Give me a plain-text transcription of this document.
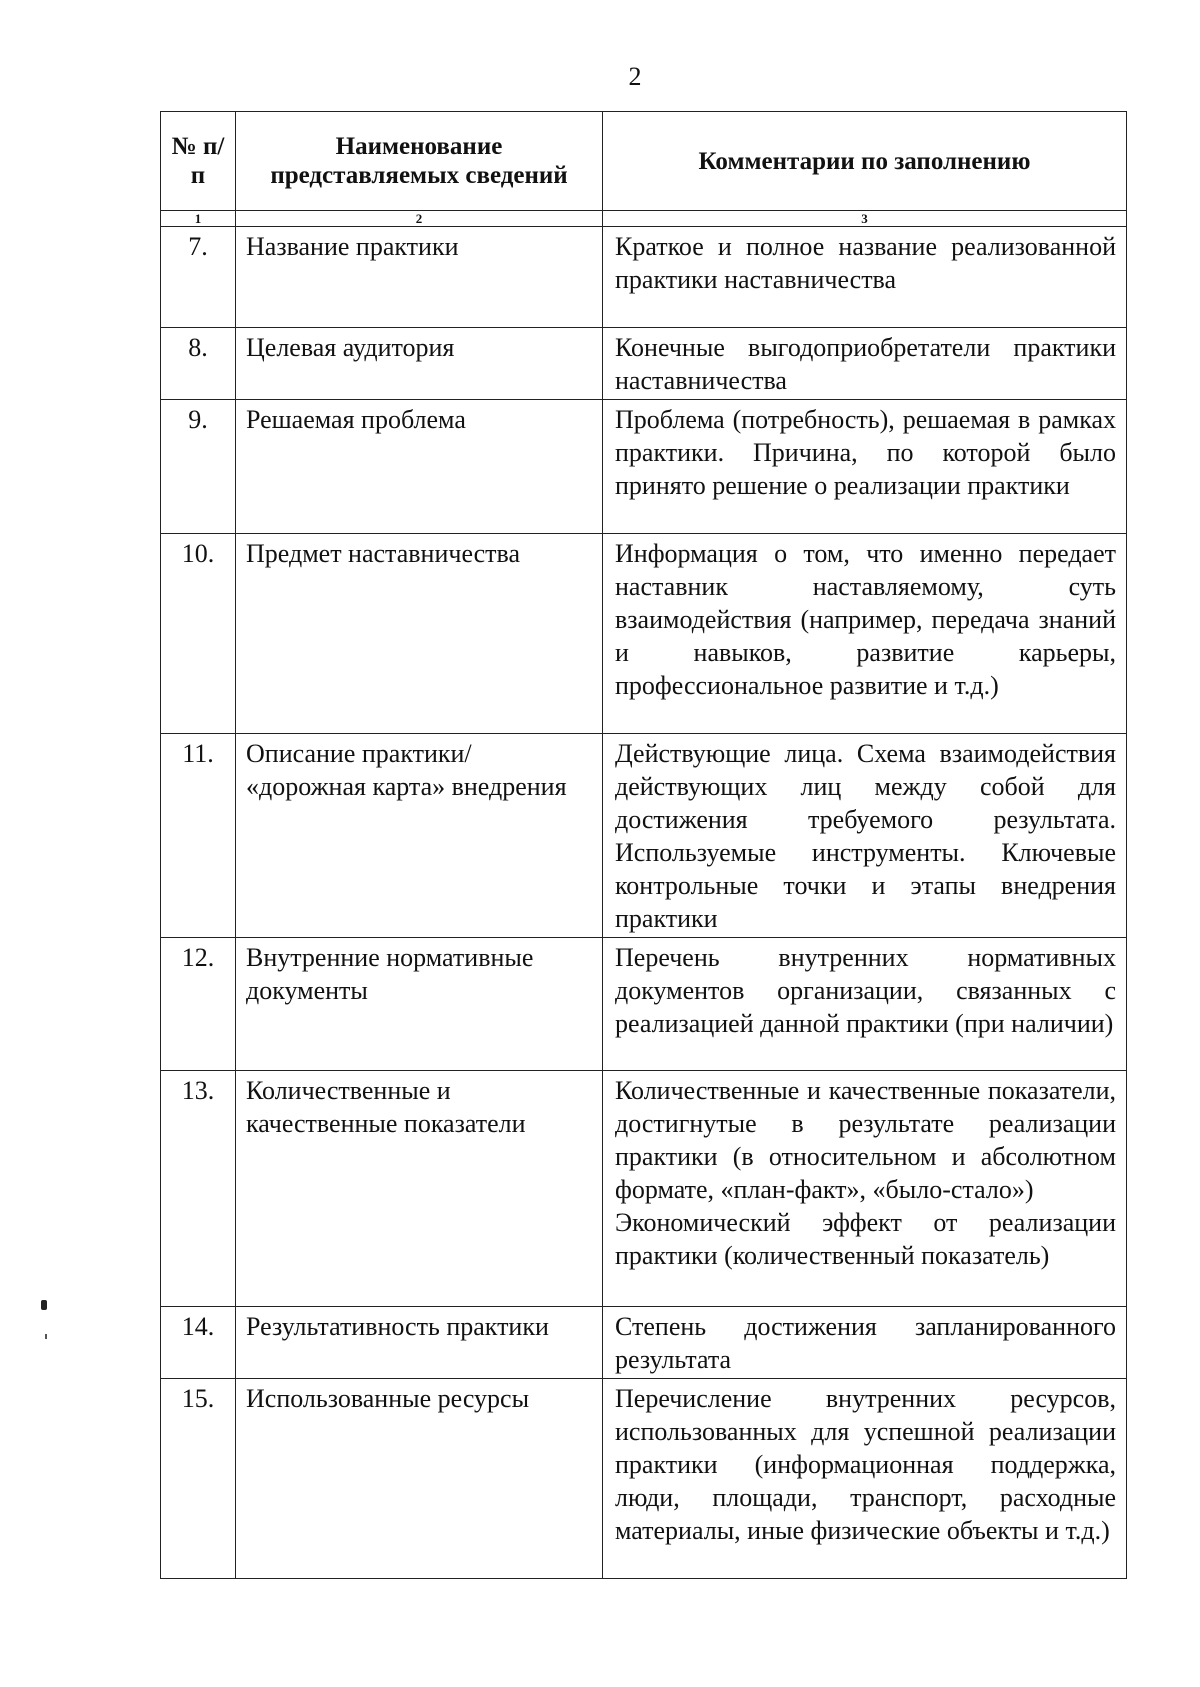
2
№ п/п	Наименование представляемых сведений	Комментарии по заполнению
1	2	3
7.	Название практики	Краткое и полное название реализованной практики наставничества

8.	Целевая аудитория	Конечные выгодоприобретатели практики наставничества

9.	Решаемая проблема	Проблема (потребность), решаемая в рамках практики. Причина, по которой было принято решение о реализации практики

10.	Предмет наставничества	Информация о том, что именно передает наставник наставляемому, суть взаимодействия (например, передача знаний и навыков, развитие карьеры, профессиональное развитие и т.д.)

11.	Описание практики/ «дорожная карта» внедрения	Действующие лица. Схема взаимодействия действующих лиц между собой для достижения требуемого результата. Используемые инструменты. Ключевые контрольные точки и этапы внедрения практики

12.	Внутренние нормативные документы	Перечень внутренних нормативных документов организации, связанных с реализацией данной практики (при наличии)

13.	Количественные и качественные показатели	Количественные и качественные показатели, достигнутые в результате реализации практики (в относительном и абсолютном формате, «план-факт», «было-стало»)
Экономический эффект от реализации практики (количественный показатель)

14.	Результативность практики	Степень достижения запланированного результата

15.	Использованные ресурсы	Перечисление внутренних ресурсов, использованных для успешной реализации практики (информационная поддержка, люди, площади, транспорт, расходные материалы, иные физические объекты и т.д.)
